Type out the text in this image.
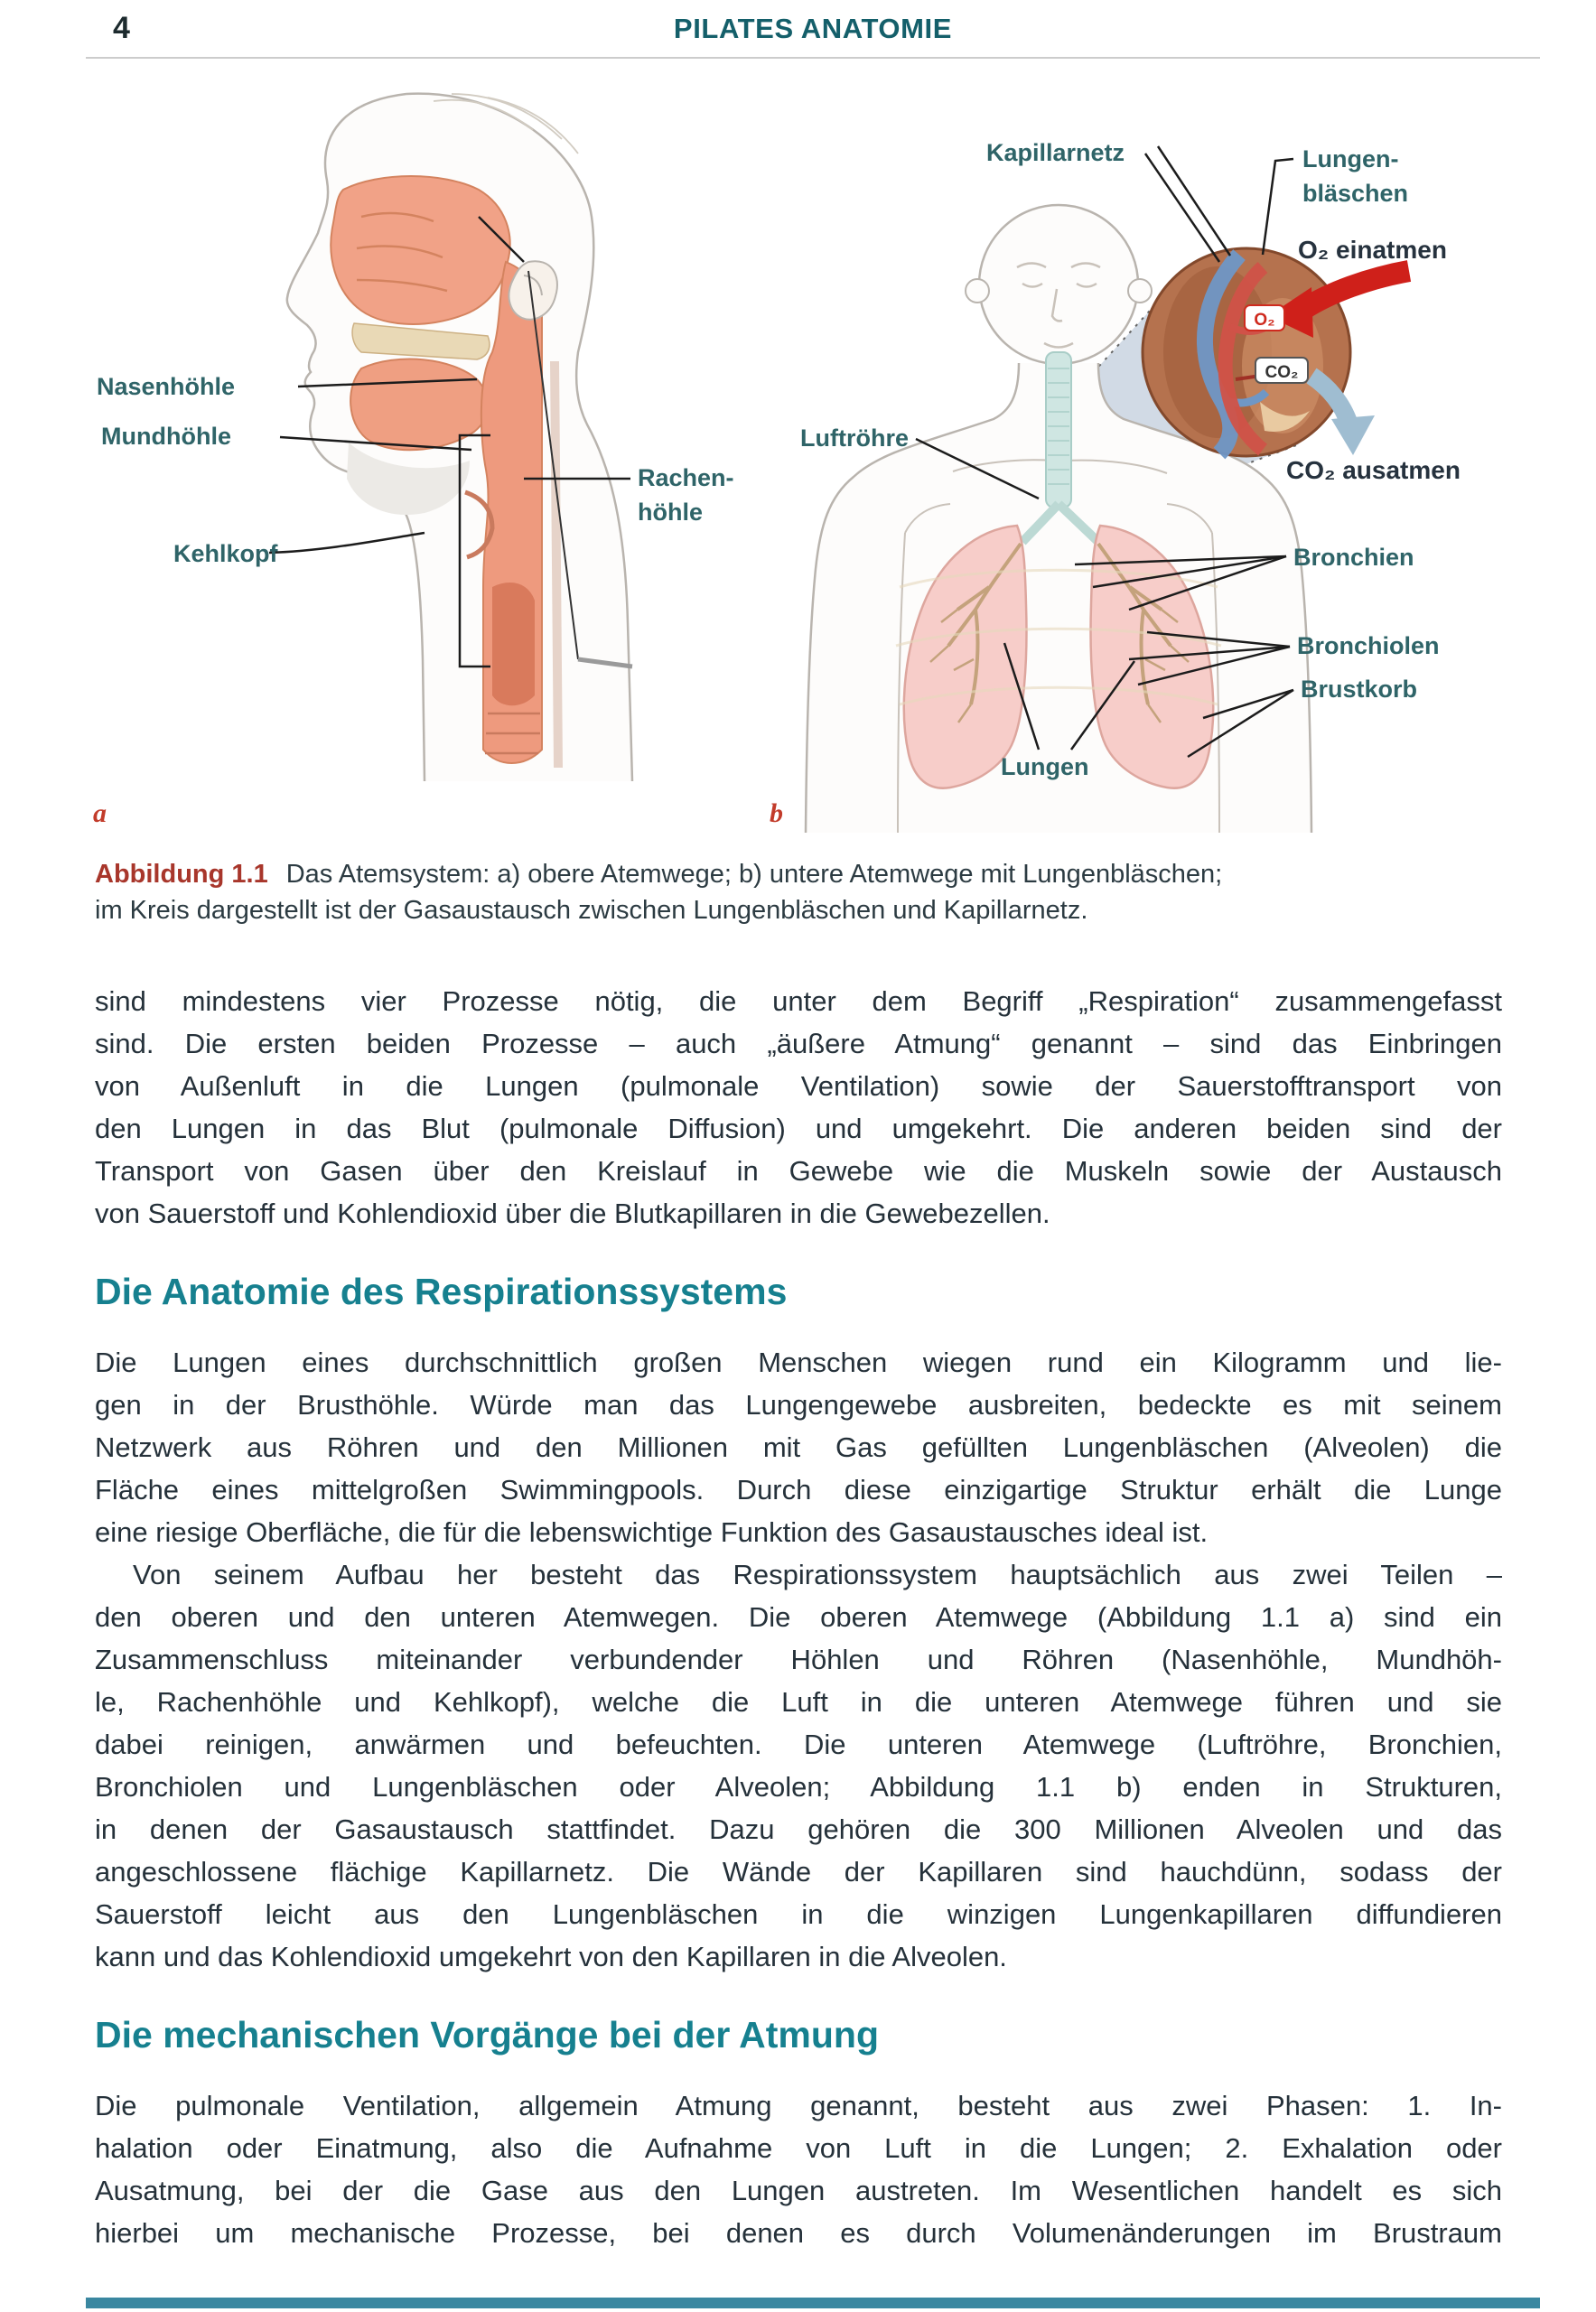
4	PILATES ANATOMIE
Nasenhöhle
Mundhöhle
Rachen-
höhle
Kehlkopf
O₂
CO₂
Kapillarnetz	Lungen-
bläschen
O₂ einatmen
CO₂ ausatmen
Luftröhre
Bronchien
Bronchiolen
Brustkorb
Lungen
a	b
Abbildung 1.1 Das Atemsystem: a) obere Atemwege; b) untere Atemwege mit Lungenbläschen;
im Kreis dargestellt ist der Gasaustausch zwischen Lungenbläschen und Kapillarnetz.
sind mindestens vier Prozesse nötig, die unter dem Begriff „Respiration“ zusammengefasst
sind. Die ersten beiden Prozesse – auch „äußere Atmung“ genannt – sind das Einbringen
von Außenluft in die Lungen (pulmonale Ventilation) sowie der Sauerstofftransport von
den Lungen in das Blut (pulmonale Diffusion) und umgekehrt. Die anderen beiden sind der
Transport von Gasen über den Kreislauf in Gewebe wie die Muskeln sowie der Austausch
von Sauerstoff und Kohlendioxid über die Blutkapillaren in die Gewebezellen.
Die Anatomie des Respirationssystems
Die Lungen eines durchschnittlich großen Menschen wiegen rund ein Kilogramm und lie-
gen in der Brusthöhle. Würde man das Lungengewebe ausbreiten, bedeckte es mit seinem
Netzwerk aus Röhren und den Millionen mit Gas gefüllten Lungenbläschen (Alveolen) die
Fläche eines mittelgroßen Swimmingpools. Durch diese einzigartige Struktur erhält die Lunge
eine riesige Oberfläche, die für die lebenswichtige Funktion des Gasaustausches ideal ist.
Von seinem Aufbau her besteht das Respirationssystem hauptsächlich aus zwei Teilen –
den oberen und den unteren Atemwegen. Die oberen Atemwege (Abbildung 1.1 a) sind ein
Zusammenschluss miteinander verbundender Höhlen und Röhren (Nasenhöhle, Mundhöh-
le, Rachenhöhle und Kehlkopf), welche die Luft in die unteren Atemwege führen und sie
dabei reinigen, anwärmen und befeuchten. Die unteren Atemwege (Luftröhre, Bronchien,
Bronchiolen und Lungenbläschen oder Alveolen; Abbildung 1.1 b) enden in Strukturen,
in denen der Gasaustausch stattfindet. Dazu gehören die 300 Millionen Alveolen und das
angeschlossene flächige Kapillarnetz. Die Wände der Kapillaren sind hauchdünn, sodass der
Sauerstoff leicht aus den Lungenbläschen in die winzigen Lungenkapillaren diffundieren
kann und das Kohlendioxid umgekehrt von den Kapillaren in die Alveolen.
Die mechanischen Vorgänge bei der Atmung
Die pulmonale Ventilation, allgemein Atmung genannt, besteht aus zwei Phasen: 1. In-
halation oder Einatmung, also die Aufnahme von Luft in die Lungen; 2. Exhalation oder
Ausatmung, bei der die Gase aus den Lungen austreten. Im Wesentlichen handelt es sich
hierbei um mechanische Prozesse, bei denen es durch Volumenänderungen im Brustraum
